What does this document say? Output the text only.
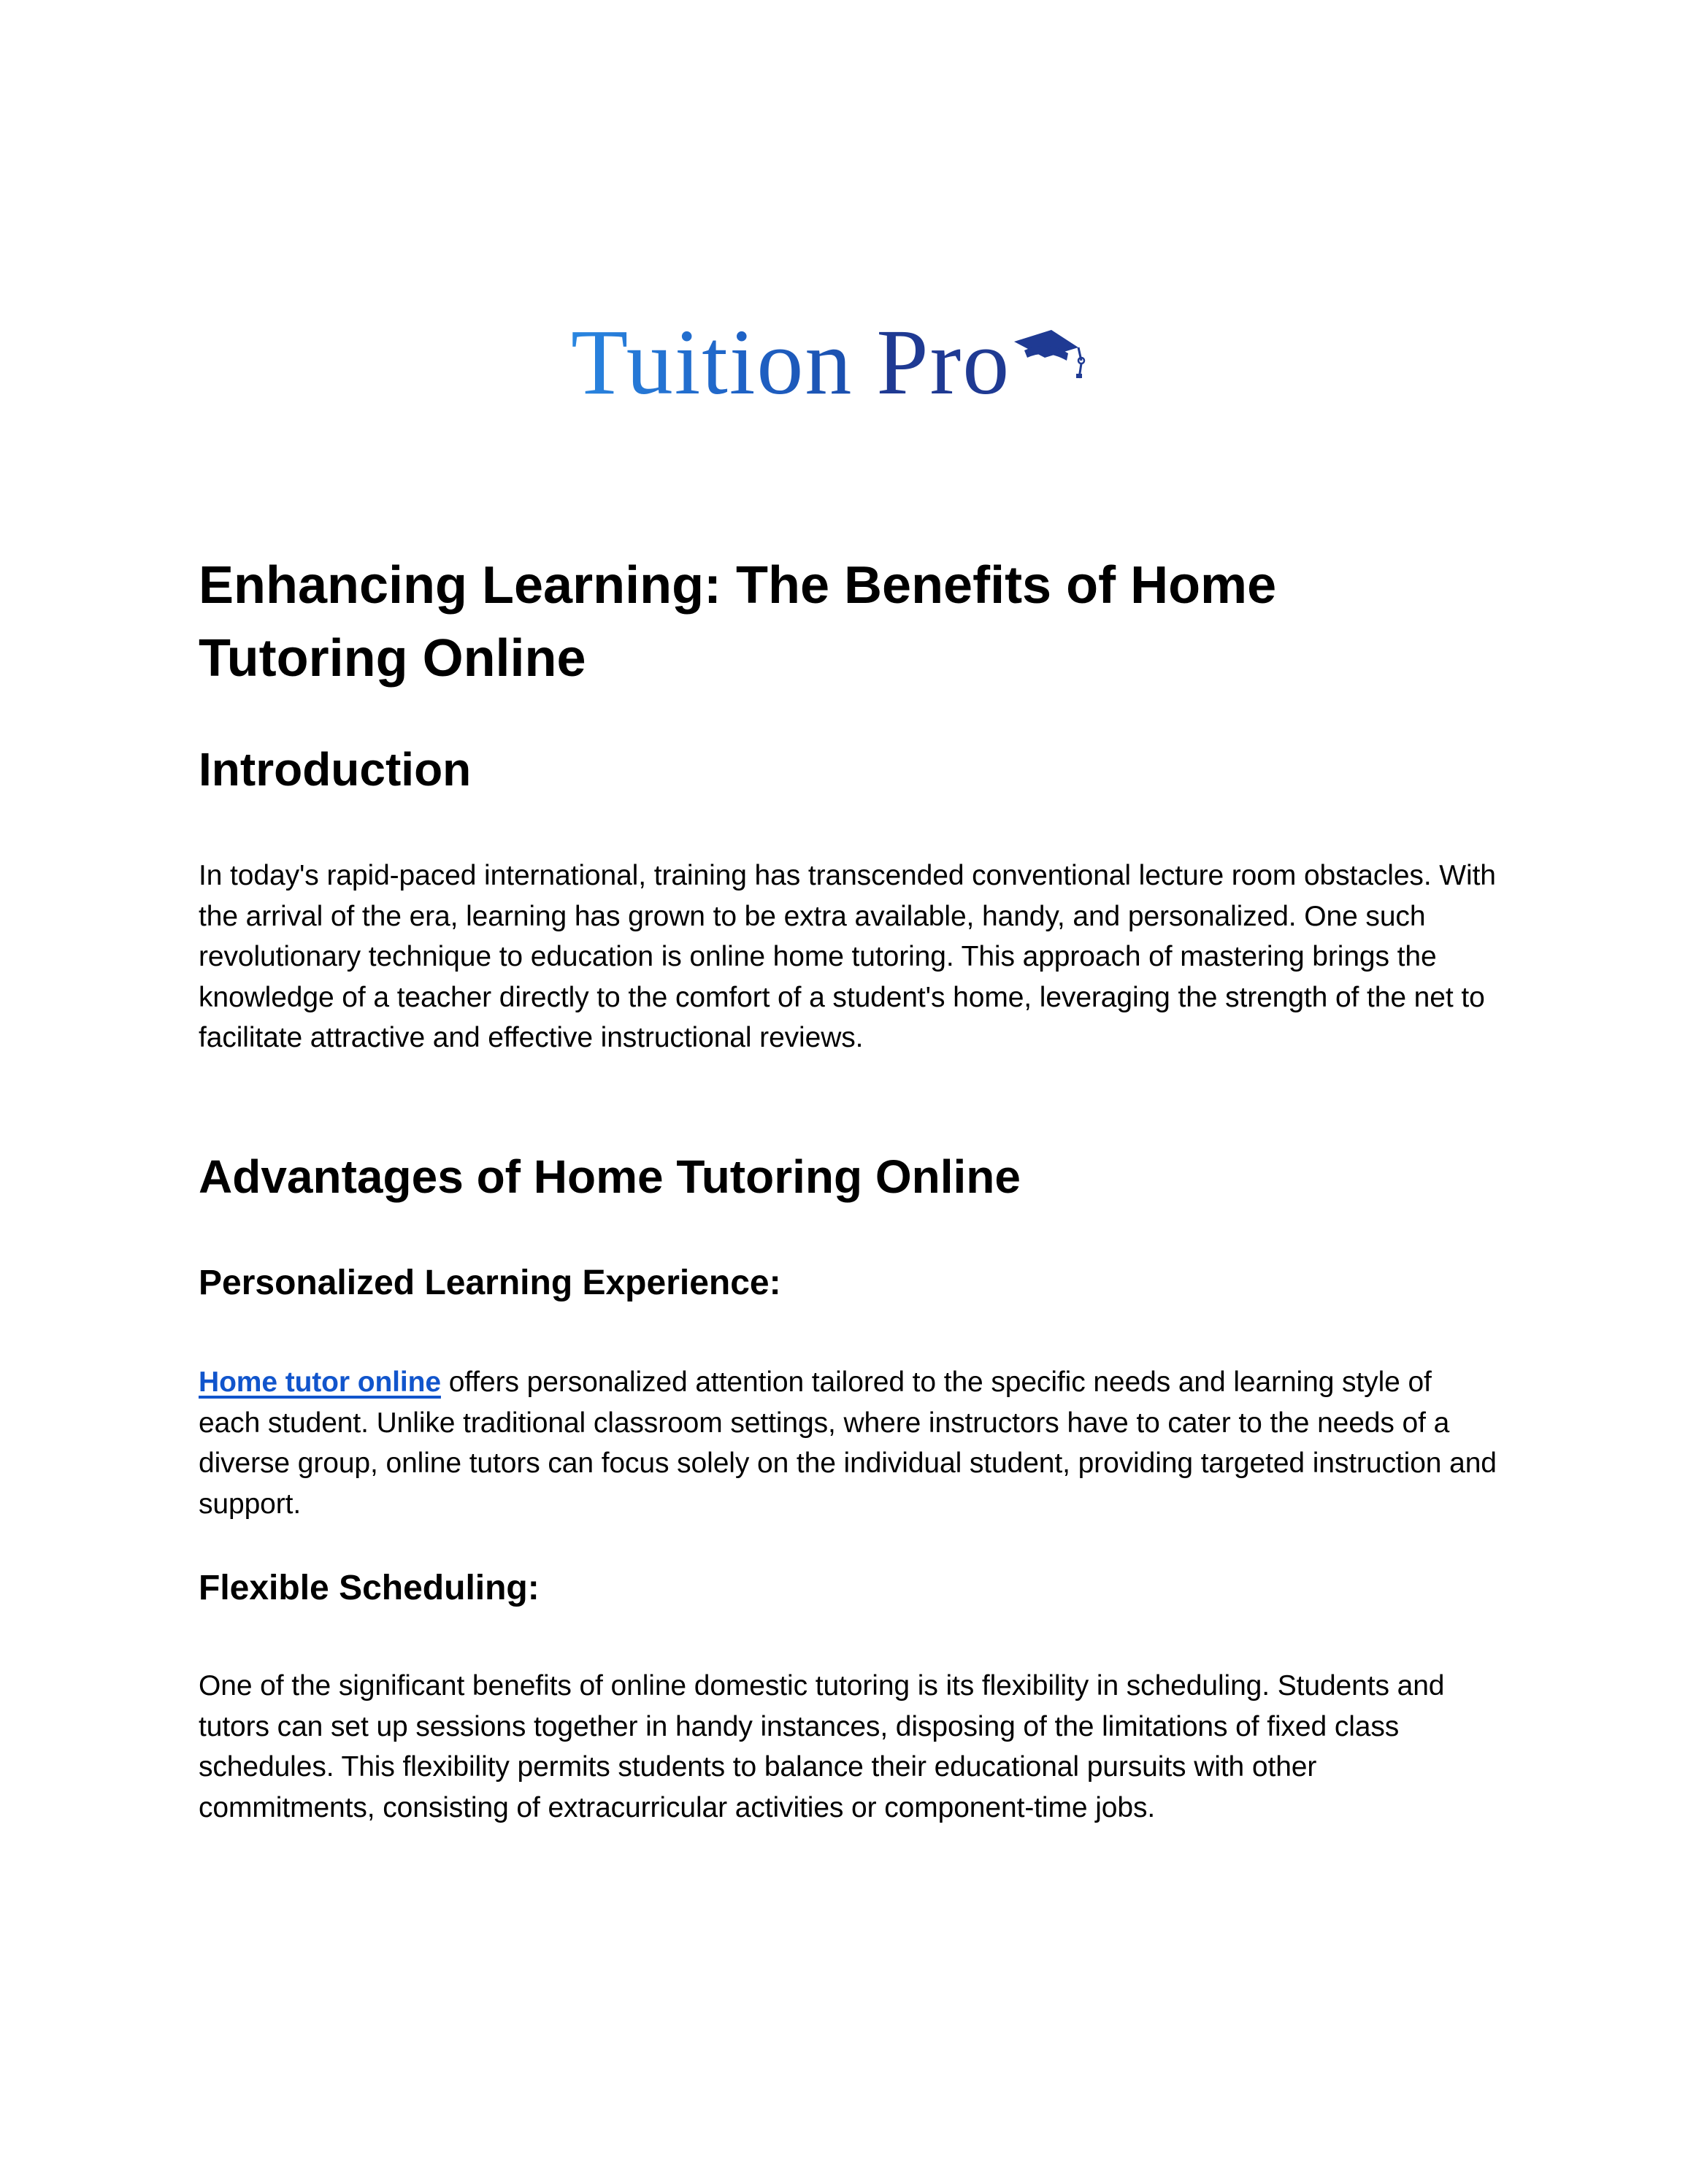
Tuition Pro
Enhancing Learning: The Benefits of Home Tutoring Online
Introduction

In today's rapid-paced international, training has transcended conventional lecture room obstacles. With the arrival of the era, learning has grown to be extra available, handy, and personalized. One such revolutionary technique to education is online home tutoring. This approach of mastering brings the knowledge of a teacher directly to the comfort of a student's home, leveraging the strength of the net to facilitate attractive and effective instructional reviews.

Advantages of Home Tutoring Online
Personalized Learning Experience:

Home tutor online offers personalized attention tailored to the specific needs and learning style of each student. Unlike traditional classroom settings, where instructors have to cater to the needs of a diverse group, online tutors can focus solely on the individual student, providing targeted instruction and support.

Flexible Scheduling:

One of the significant benefits of online domestic tutoring is its flexibility in scheduling. Students and tutors can set up sessions together in handy instances, disposing of the limitations of fixed class schedules. This flexibility permits students to balance their educational pursuits with other commitments, consisting of extracurricular activities or component-time jobs.
